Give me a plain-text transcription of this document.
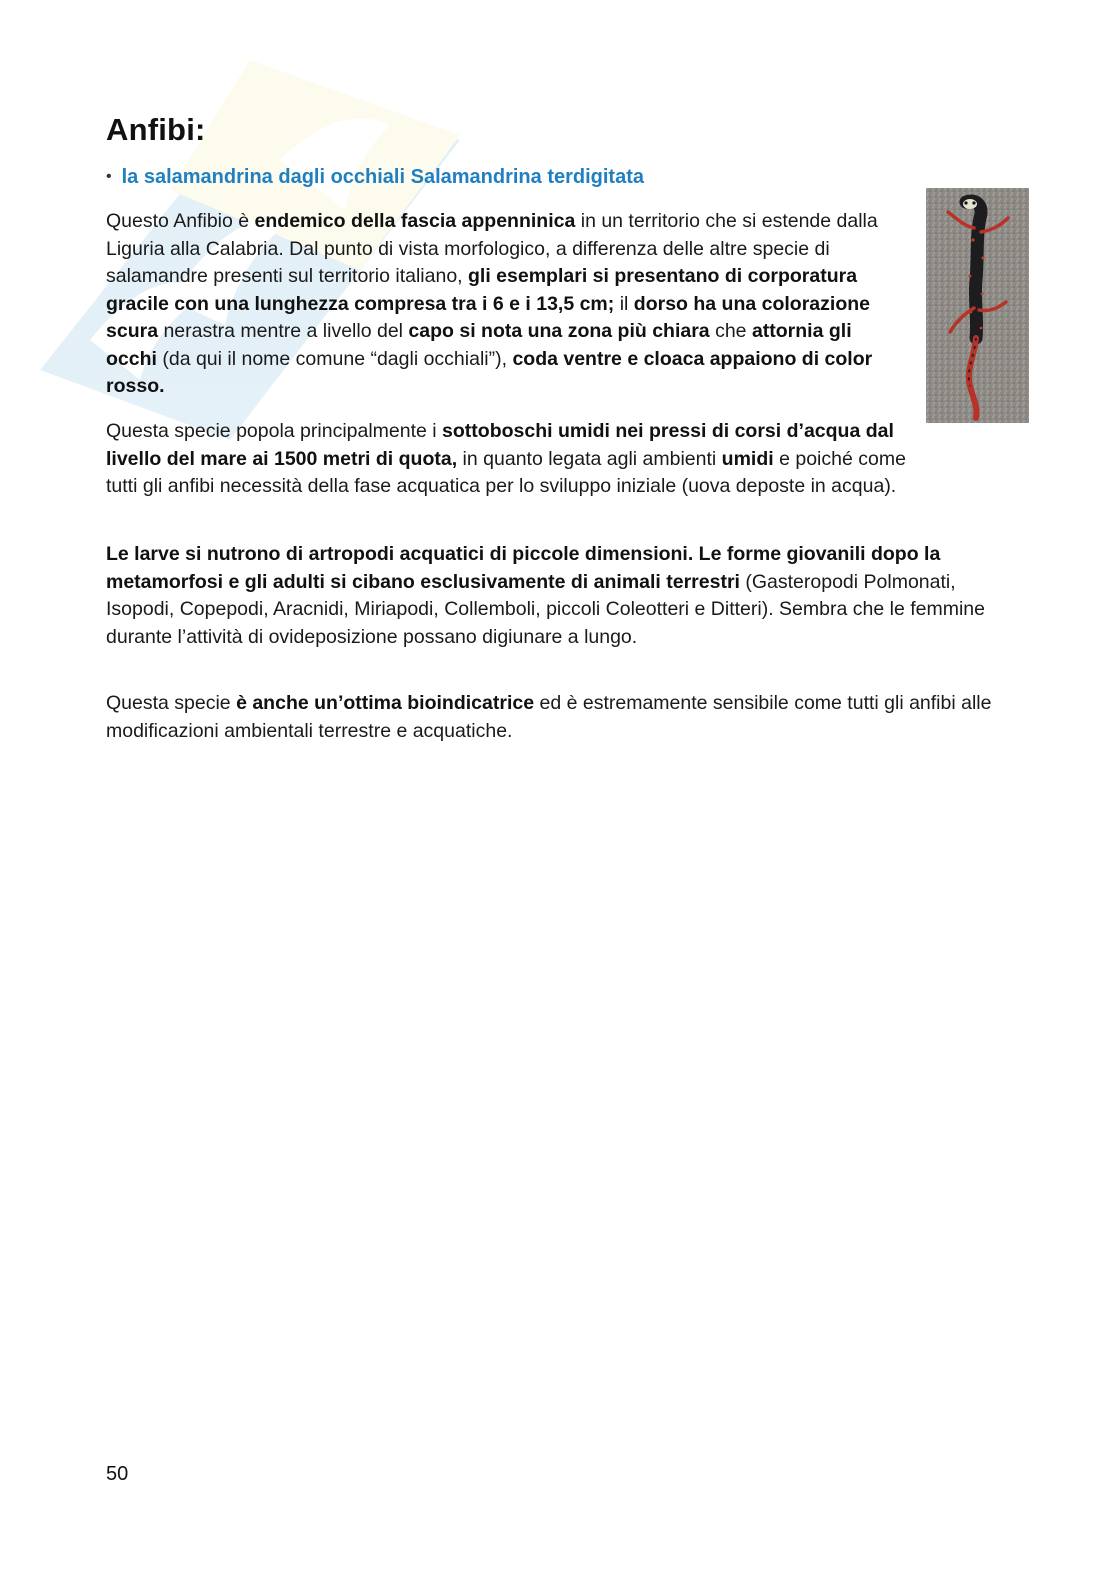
Anfibi:
• la salamandrina dagli occhiali Salamandrina terdigitata

Questo Anfibio è endemico della fascia appenninica in un territorio che si estende dalla Liguria alla Calabria. Dal punto di vista morfologico, a differenza delle altre specie di salamandre presenti sul territorio italiano, gli esemplari si presentano di corporatura gracile con una lunghezza compresa tra i 6 e i 13,5 cm; il dorso ha una colorazione scura nerastra mentre a livello del capo si nota una zona più chiara che attornia gli occhi (da qui il nome comune “dagli occhiali”), coda ventre e cloaca appaiono di color rosso.

Questa specie popola principalmente i sottoboschi umidi nei pressi di corsi d’acqua dal livello del mare ai 1500 metri di quota, in quanto legata agli ambienti umidi e poiché come tutti gli anfibi necessità della fase acquatica per lo sviluppo iniziale (uova deposte in acqua).

Le larve si nutrono di artropodi acquatici di piccole dimensioni. Le forme giovanili dopo la metamorfosi e gli adulti si cibano esclusivamente di animali terrestri (Gasteropodi Polmonati, Isopodi, Copepodi, Aracnidi, Miriapodi, Collemboli, piccoli Coleotteri e Ditteri). Sembra che le femmine durante l’attività di ovideposizione possano digiunare a lungo.

Questa specie è anche un’ottima bioindicatrice ed è estremamente sensibile come tutti gli anfibi alle modificazioni ambientali terrestre e acquatiche.

50
